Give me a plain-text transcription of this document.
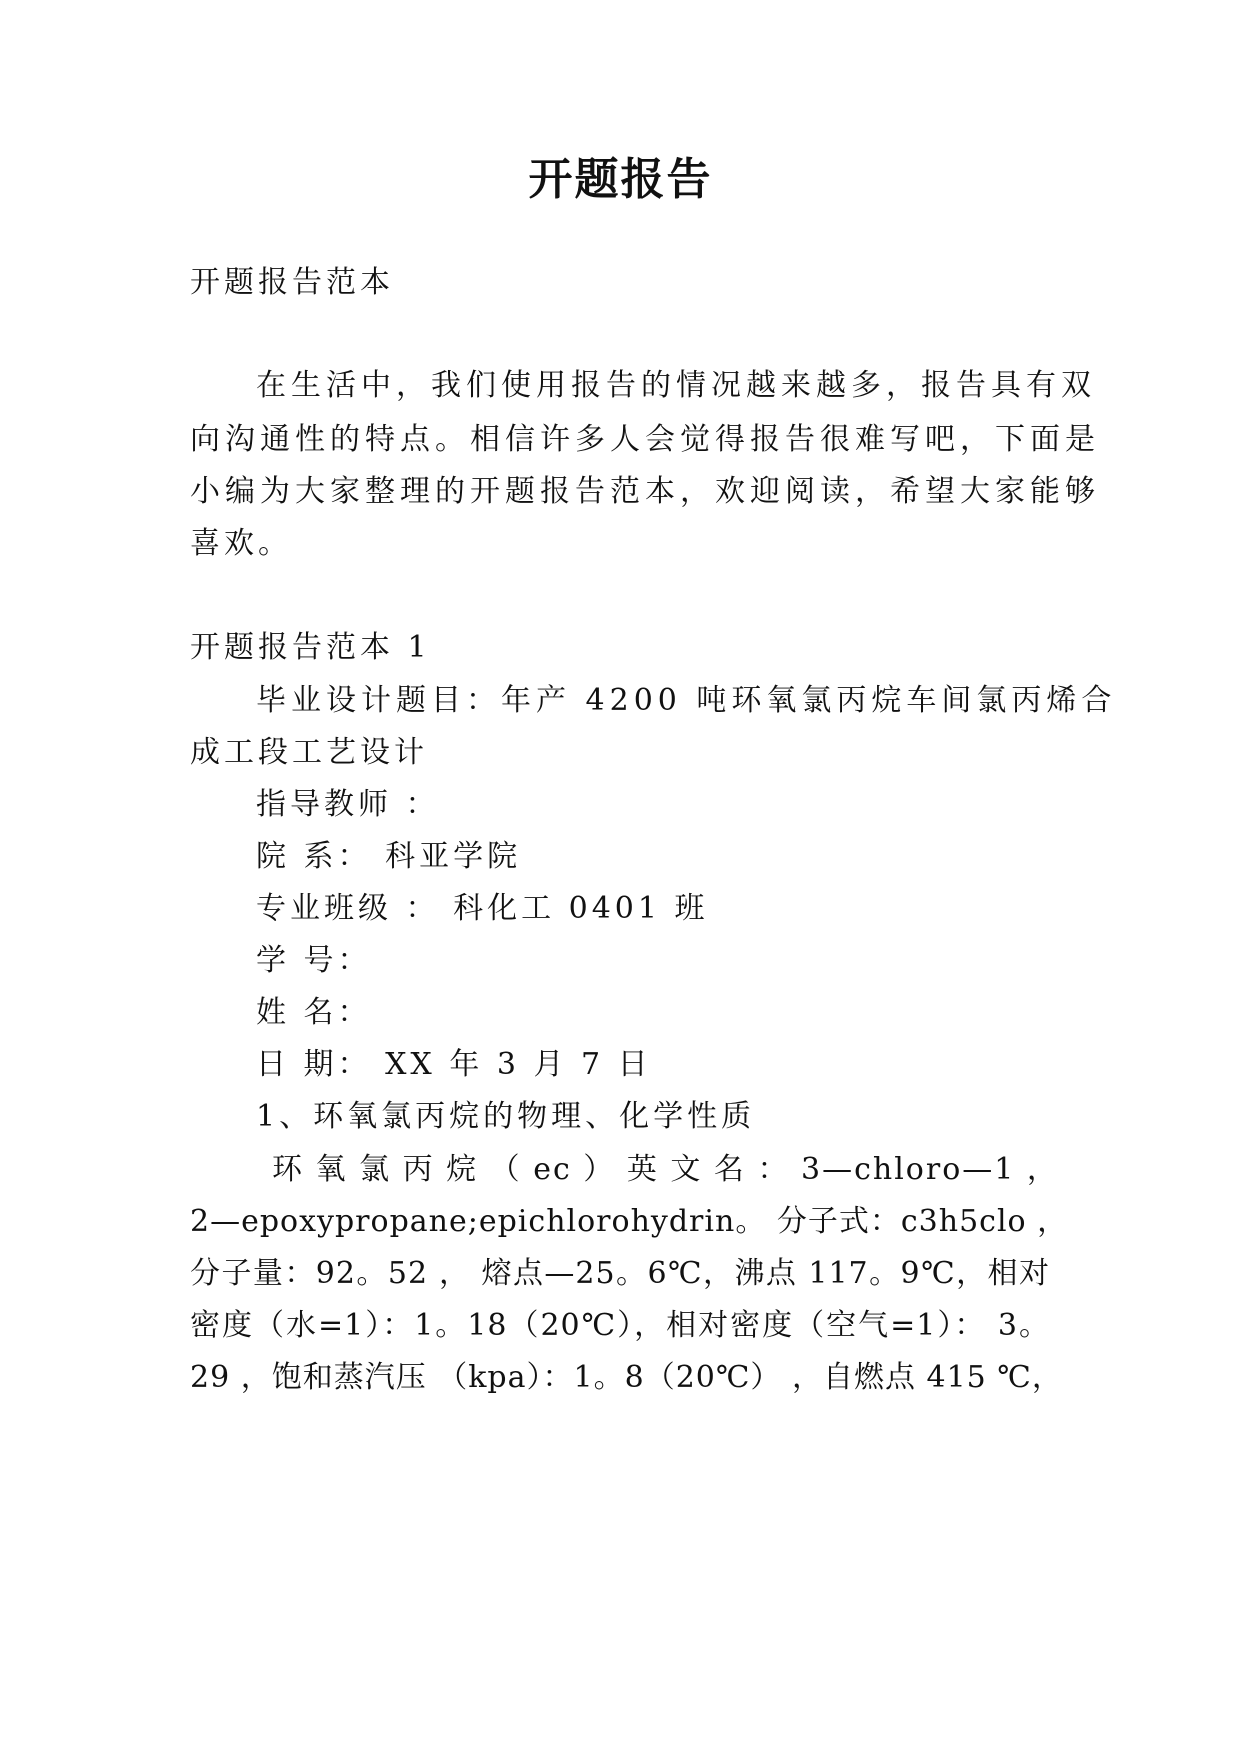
开题报告
开题报告范本
在生活中，我们使用报告的情况越来越多，报告具有双
向沟通性的特点。相信许多人会觉得报告很难写吧，下面是
小编为大家整理的开题报告范本，欢迎阅读，希望大家能够
喜欢。
开题报告范本 1
毕业设计题目：年产 4200 吨环氧氯丙烷车间氯丙烯合
成工段工艺设计
指导教师 ：
院 系： 科亚学院
专业班级 ： 科化工 0401 班
学 号：
姓 名：
日 期： XX 年 3 月 7 日
1、环氧氯丙烷的物理、化学性质
环 氧 氯 丙 烷 （ ec ） 英 文 名 ： 3—chloro—1 ，
2—epoxypropane;epichlorohydrin。 分子式：c3h5clo ，
分子量：92。52 ， 熔点—25。6℃，沸点 117。9℃，相对
密度（水=1）：1。18（20℃），相对密度（空气=1）： 3。
29 ，饱和蒸汽压 （kpa）：1。8（20℃） ，自燃点 415 ℃，
